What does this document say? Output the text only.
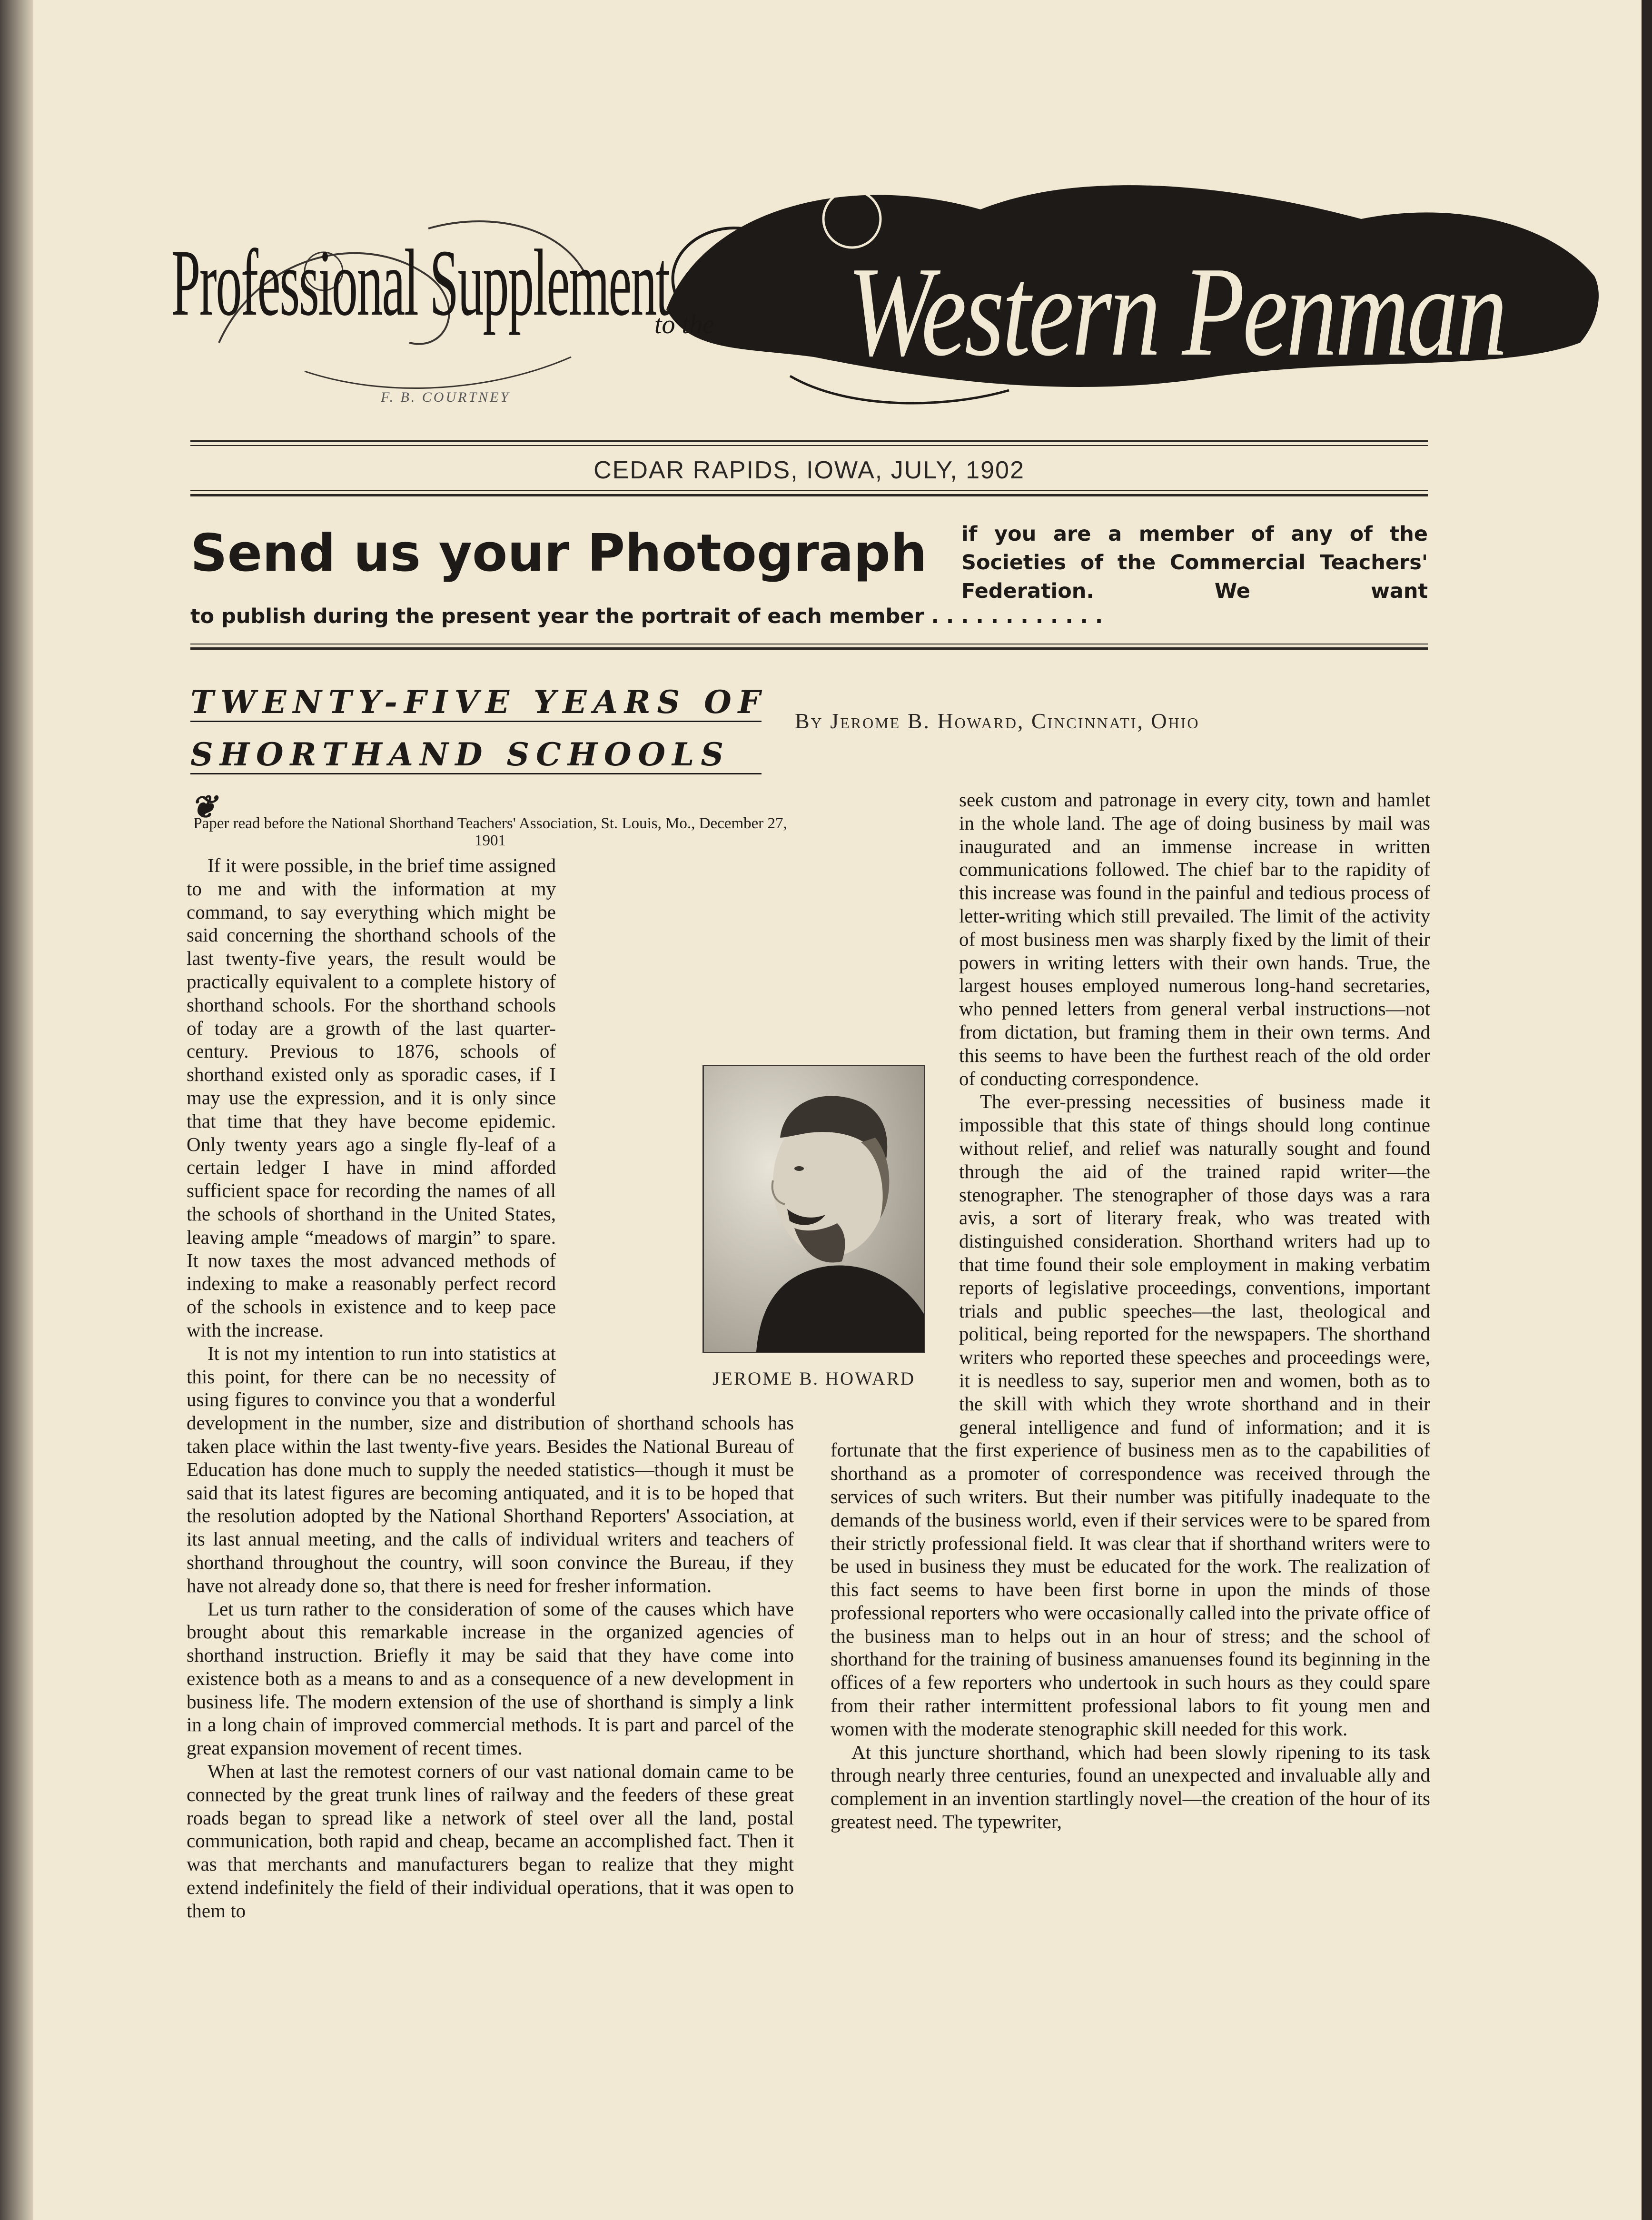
Professional Supplement
to the Western Penman
F. B. COURTNEY
CEDAR RAPIDS, IOWA, JULY, 1902
Send us your Photograph if you are a member of any of the Societies of the Commercial Teachers' Federation. We want
to publish during the present year the portrait of each member . . . . . . . . . . . .
TWENTY-FIVE YEARS OF
SHORTHAND SCHOOLS ❦
By Jerome B. Howard, Cincinnati, Ohio
Paper read before the National Shorthand Teachers' Association, St. Louis, Mo., December 27, 1901

If it were possible, in the brief time assigned to me and with the information at my command, to say everything which might be said concerning the shorthand schools of the last twenty-five years, the result would be practically equivalent to a complete history of shorthand schools. For the shorthand schools of today are a growth of the last quarter-century. Previous to 1876, schools of shorthand existed only as sporadic cases, if I may use the expression, and it is only since that time that they have become epidemic. Only twenty years ago a single fly-leaf of a certain ledger I have in mind afforded sufficient space for recording the names of all the schools of shorthand in the United States, leaving ample “meadows of margin” to spare. It now taxes the most advanced methods of indexing to make a reasonably perfect record of the schools in existence and to keep pace with the increase.

It is not my intention to run into statistics at this point, for there can be no necessity of using figures to convince you that a wonderful development in the number, size and distribution of shorthand schools has taken place within the last twenty-five years. Besides the National Bureau of Education has done much to supply the needed statistics—though it must be said that its latest figures are becoming antiquated, and it is to be hoped that the resolution adopted by the National Shorthand Reporters' Association, at its last annual meeting, and the calls of individual writers and teachers of shorthand throughout the country, will soon convince the Bureau, if they have not already done so, that there is need for fresher information.

Let us turn rather to the consideration of some of the causes which have brought about this remarkable increase in the organized agencies of shorthand instruction. Briefly it may be said that they have come into existence both as a means to and as a consequence of a new development in business life. The modern extension of the use of shorthand is simply a link in a long chain of improved commercial methods. It is part and parcel of the great expansion movement of recent times.

When at last the remotest corners of our vast national domain came to be connected by the great trunk lines of railway and the feeders of these great roads began to spread like a network of steel over all the land, postal communication, both rapid and cheap, became an accomplished fact. Then it was that merchants and manufacturers began to realize that they might extend indefinitely the field of their individual operations, that it was open to them to

seek custom and patronage in every city, town and hamlet in the whole land. The age of doing business by mail was inaugurated and an immense increase in written communications followed. The chief bar to the rapidity of this increase was found in the painful and tedious process of letter-writing which still prevailed. The limit of the activity of most business men was sharply fixed by the limit of their powers in writing letters with their own hands. True, the largest houses employed numerous long-hand secretaries, who penned letters from general verbal instructions—not from dictation, but framing them in their own terms. And this seems to have been the furthest reach of the old order of conducting correspondence.

The ever-pressing necessities of business made it impossible that this state of things should long continue without relief, and relief was naturally sought and found through the aid of the trained rapid writer—the stenographer. The stenographer of those days was a rara avis, a sort of literary freak, who was treated with distinguished consideration. Shorthand writers had up to that time found their sole employment in making verbatim reports of legislative proceedings, conventions, important trials and public speeches—the last, theological and political, being reported for the newspapers. The shorthand writers who reported these speeches and proceedings were, it is needless to say, superior men and women, both as to the skill with which they wrote shorthand and in their general intelligence and fund of information; and it is fortunate that the first experience of business men as to the capabilities of shorthand as a promoter of correspondence was received through the services of such writers. But their number was pitifully inadequate to the demands of the business world, even if their services were to be spared from their strictly professional field. It was clear that if shorthand writers were to be used in business they must be educated for the work. The realization of this fact seems to have been first borne in upon the minds of those professional reporters who were occasionally called into the private office of the business man to helps out in an hour of stress; and the school of shorthand for the training of business amanuenses found its beginning in the offices of a few reporters who undertook in such hours as they could spare from their rather intermittent professional labors to fit young men and women with the moderate stenographic skill needed for this work.

At this juncture shorthand, which had been slowly ripening to its task through nearly three centuries, found an unexpected and invaluable ally and complement in an invention startlingly novel—the creation of the hour of its greatest need. The typewriter,

JEROME B. HOWARD
